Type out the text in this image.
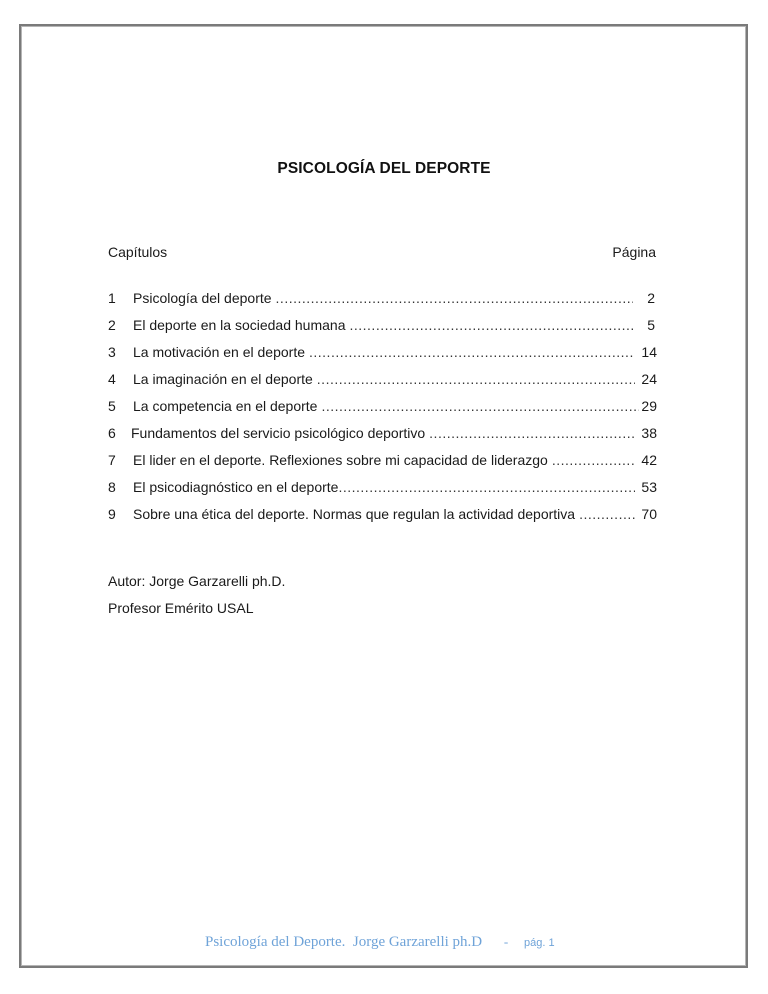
PSICOLOGÍA DEL DEPORTE
Capítulos	Página
1	Psicología del deporte .....	2
2	El deporte en la sociedad humana .....	5
3	La motivación en el deporte .....	14
4	La imaginación en el deporte .....	24
5	La competencia en el deporte .....	29
6	Fundamentos del servicio psicológico deportivo .....	38
7	El lider en el deporte. Reflexiones sobre mi capacidad de liderazgo .....	42
8	El psicodiagnóstico en el deporte .....	53
9	Sobre una ética del deporte. Normas que regulan la actividad deportiva .....	70
Autor: Jorge Garzarelli ph.D.
Profesor Emérito USAL
Psicología del Deporte.  Jorge Garzarelli ph.D - pág. 1
